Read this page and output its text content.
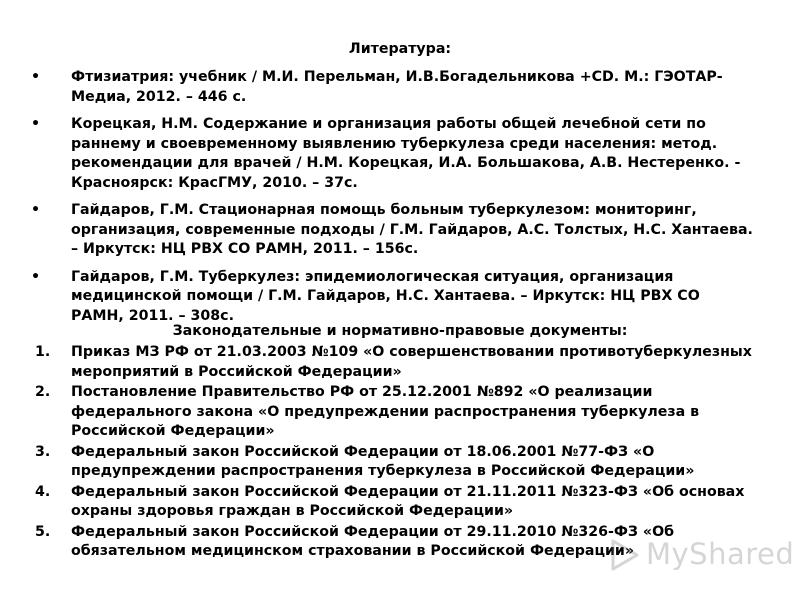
Литература:

• Фтизиатрия: учебник / М.И. Перельман, И.В.Богадельникова +CD. М.: ГЭОТАР-Медиа, 2012. – 446 с.
• Корецкая, Н.М. Содержание и организация работы общей лечебной сети по раннему и своевременному выявлению туберкулеза среди населения: метод. рекомендации для врачей / Н.М. Корецкая, И.А. Большакова, А.В. Нестеренко. - Красноярск: КрасГМУ, 2010. – 37с.
• Гайдаров, Г.М. Стационарная помощь больным туберкулезом: мониторинг, организация, современные подходы / Г.М. Гайдаров, А.С. Толстых, Н.С. Хантаева. – Иркутск: НЦ РВХ СО РАМН, 2011. – 156с.
• Гайдаров, Г.М. Туберкулез: эпидемиологическая ситуация, организация медицинской помощи / Г.М. Гайдаров, Н.С. Хантаева. – Иркутск: НЦ РВХ СО РАМН, 2011. – 308с.

Законодательные и нормативно-правовые документы:

1. Приказ МЗ РФ от 21.03.2003 №109 «О совершенствовании противотуберкулезных мероприятий в Российской Федерации»
2. Постановление Правительство РФ от 25.12.2001 №892 «О реализации федерального закона «О предупреждении распространения туберкулеза в Российской Федерации»
3. Федеральный закон Российской Федерации от 18.06.2001 №77-ФЗ «О предупреждении распространения туберкулеза в Российской Федерации»
4. Федеральный закон Российской Федерации от 21.11.2011 №323-ФЗ «Об основах охраны здоровья граждан в Российской Федерации»
5. Федеральный закон Российской Федерации от 29.11.2010 №326-ФЗ «Об обязательном медицинском страховании в Российской Федерации» MyShared
